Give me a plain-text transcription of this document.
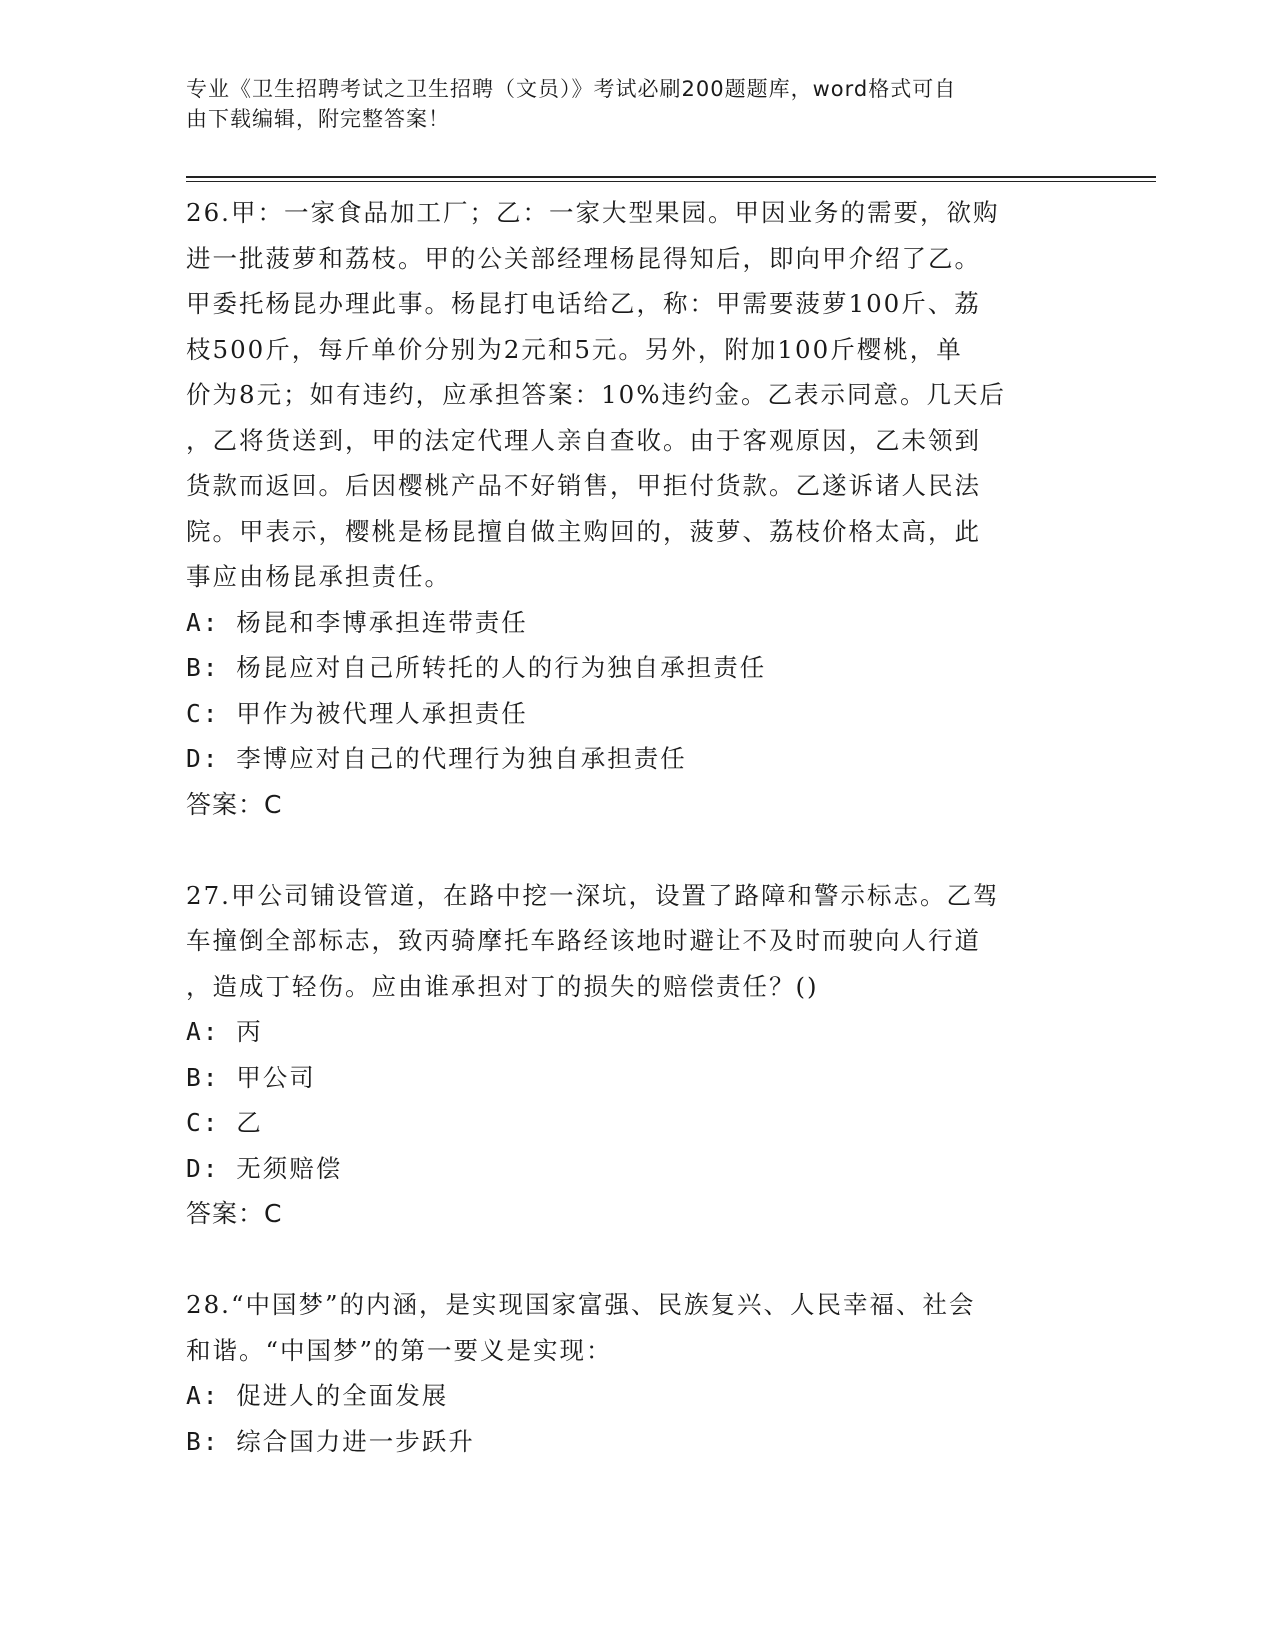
专业《卫生招聘考试之卫生招聘（文员）》考试必刷200题题库，word格式可自
由下载编辑，附完整答案！
26.甲：一家食品加工厂；乙：一家大型果园。甲因业务的需要，欲购
进一批菠萝和荔枝。甲的公关部经理杨昆得知后，即向甲介绍了乙。
甲委托杨昆办理此事。杨昆打电话给乙，称：甲需要菠萝100斤、荔
枝500斤，每斤单价分别为2元和5元。另外，附加100斤樱桃，单
价为8元；如有违约，应承担答案：10%违约金。乙表示同意。几天后
，乙将货送到，甲的法定代理人亲自查收。由于客观原因，乙未领到
货款而返回。后因樱桃产品不好销售，甲拒付货款。乙遂诉诸人民法
院。甲表示，樱桃是杨昆擅自做主购回的，菠萝、荔枝价格太高，此
事应由杨昆承担责任。
A: 杨昆和李博承担连带责任
B: 杨昆应对自己所转托的人的行为独自承担责任
C: 甲作为被代理人承担责任
D: 李博应对自己的代理行为独自承担责任
答案：C
27.甲公司铺设管道，在路中挖一深坑，设置了路障和警示标志。乙驾
车撞倒全部标志，致丙骑摩托车路经该地时避让不及时而驶向人行道
，造成丁轻伤。应由谁承担对丁的损失的赔偿责任？()
A: 丙
B: 甲公司
C: 乙
D: 无须赔偿
答案：C
28.“中国梦”的内涵，是实现国家富强、民族复兴、人民幸福、社会
和谐。“中国梦”的第一要义是实现：
A: 促进人的全面发展
B: 综合国力进一步跃升
